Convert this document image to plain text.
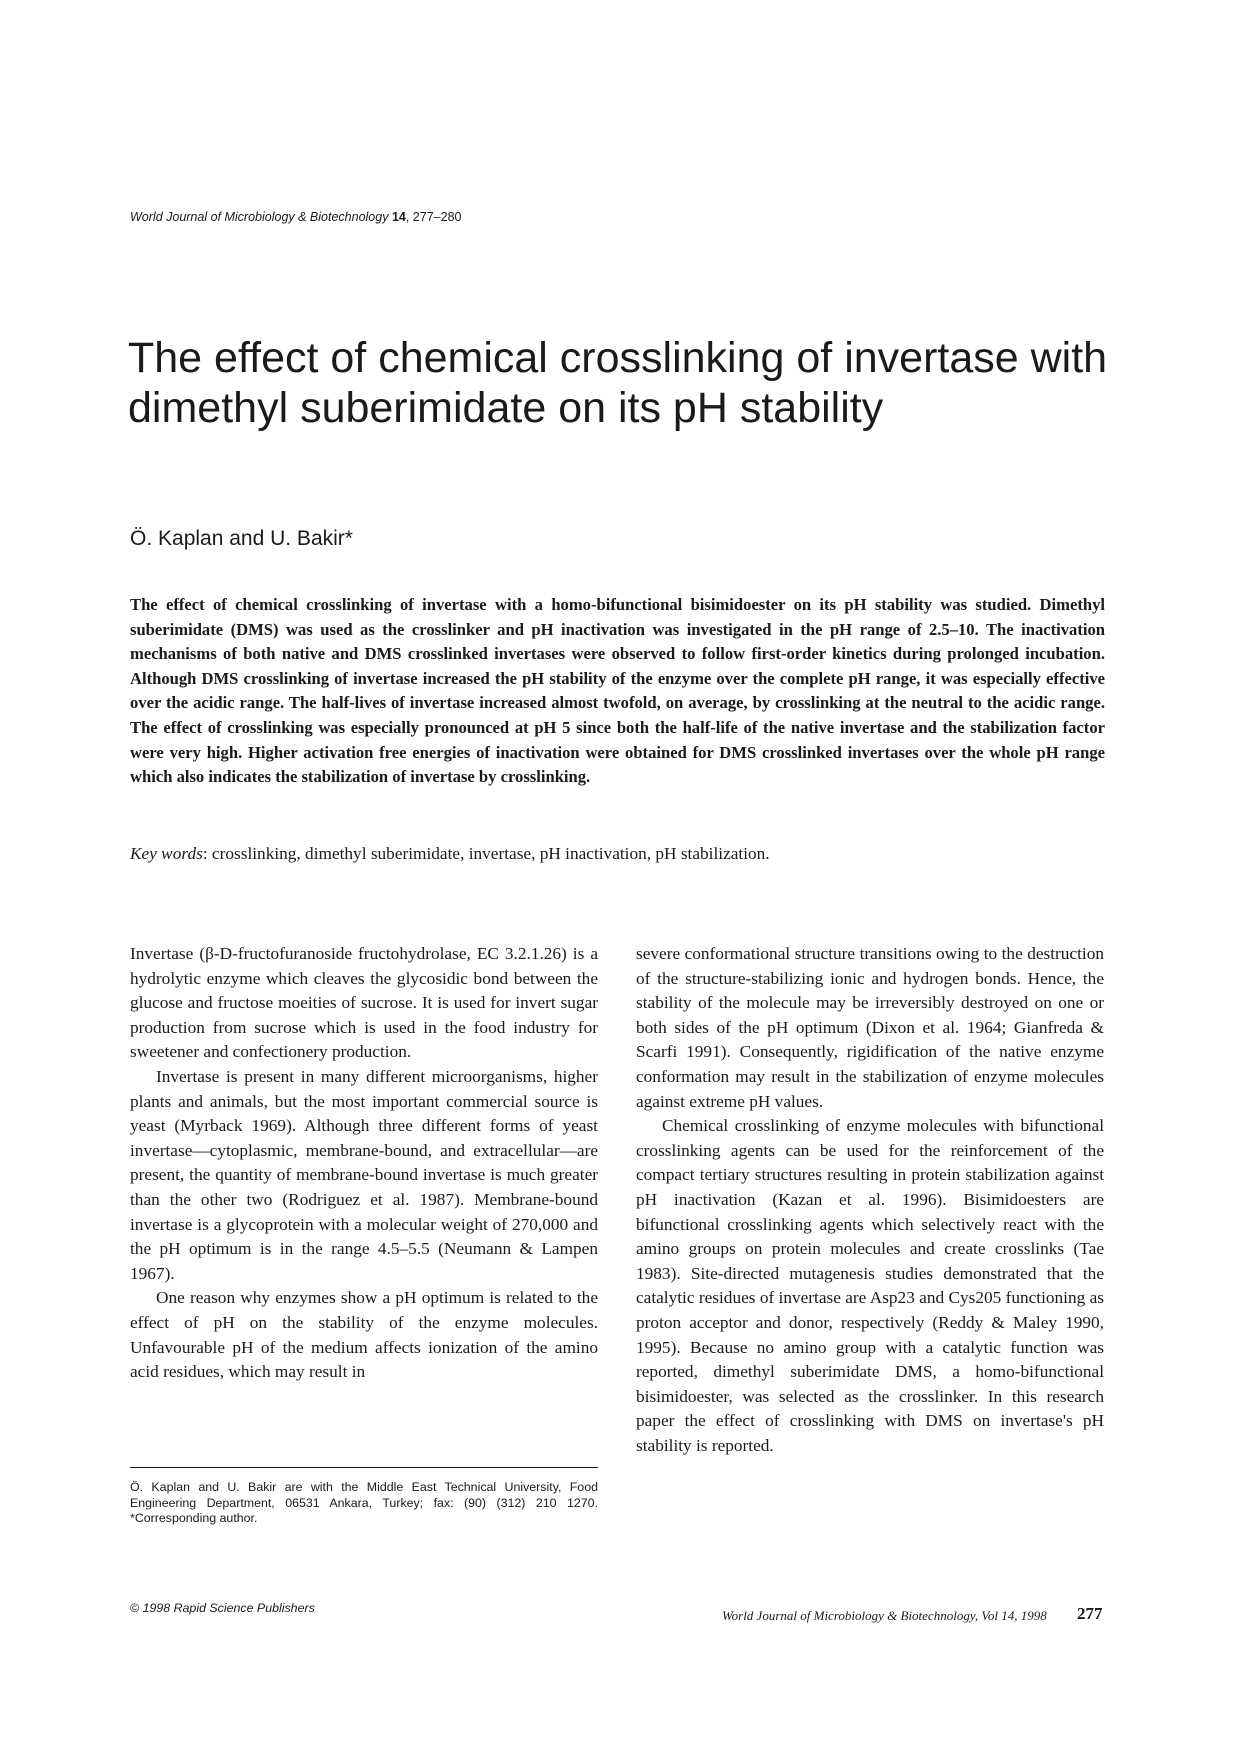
World Journal of Microbiology & Biotechnology 14, 277–280
The effect of chemical crosslinking of invertase with dimethyl suberimidate on its pH stability
Ö. Kaplan and U. Bakir*

The effect of chemical crosslinking of invertase with a homo-bifunctional bisimidoester on its pH stability was studied. Dimethyl suberimidate (DMS) was used as the crosslinker and pH inactivation was investigated in the pH range of 2.5–10. The inactivation mechanisms of both native and DMS crosslinked invertases were observed to follow first-order kinetics during prolonged incubation. Although DMS crosslinking of invertase increased the pH stability of the enzyme over the complete pH range, it was especially effective over the acidic range. The half-lives of invertase increased almost twofold, on average, by crosslinking at the neutral to the acidic range. The effect of crosslinking was especially pronounced at pH 5 since both the half-life of the native invertase and the stabilization factor were very high. Higher activation free energies of inactivation were obtained for DMS crosslinked invertases over the whole pH range which also indicates the stabilization of invertase by crosslinking.

Key words: crosslinking, dimethyl suberimidate, invertase, pH inactivation, pH stabilization.

Invertase (β-D-fructofuranoside fructohydrolase, EC 3.2.1.26) is a hydrolytic enzyme which cleaves the glycosidic bond between the glucose and fructose moeities of sucrose. It is used for invert sugar production from sucrose which is used in the food industry for sweetener and confectionery production.

Invertase is present in many different microorganisms, higher plants and animals, but the most important commercial source is yeast (Myrback 1969). Although three different forms of yeast invertase—cytoplasmic, membrane-bound, and extracellular—are present, the quantity of membrane-bound invertase is much greater than the other two (Rodriguez et al. 1987). Membrane-bound invertase is a glycoprotein with a molecular weight of 270,000 and the pH optimum is in the range 4.5–5.5 (Neumann & Lampen 1967).

One reason why enzymes show a pH optimum is related to the effect of pH on the stability of the enzyme molecules. Unfavourable pH of the medium affects ionization of the amino acid residues, which may result in

severe conformational structure transitions owing to the destruction of the structure-stabilizing ionic and hydrogen bonds. Hence, the stability of the molecule may be irreversibly destroyed on one or both sides of the pH optimum (Dixon et al. 1964; Gianfreda & Scarfi 1991). Consequently, rigidification of the native enzyme conformation may result in the stabilization of enzyme molecules against extreme pH values.

Chemical crosslinking of enzyme molecules with bifunctional crosslinking agents can be used for the reinforcement of the compact tertiary structures resulting in protein stabilization against pH inactivation (Kazan et al. 1996). Bisimidoesters are bifunctional crosslinking agents which selectively react with the amino groups on protein molecules and create crosslinks (Tae 1983). Site-directed mutagenesis studies demonstrated that the catalytic residues of invertase are Asp23 and Cys205 functioning as proton acceptor and donor, respectively (Reddy & Maley 1990, 1995). Because no amino group with a catalytic function was reported, dimethyl suberimidate DMS, a homo-bifunctional bisimidoester, was selected as the crosslinker. In this research paper the effect of crosslinking with DMS on invertase's pH stability is reported.

Ö. Kaplan and U. Bakir are with the Middle East Technical University, Food Engineering Department, 06531 Ankara, Turkey; fax: (90) (312) 210 1270. *Corresponding author.

© 1998 Rapid Science Publishers	World Journal of Microbiology & Biotechnology, Vol 14, 1998 277
